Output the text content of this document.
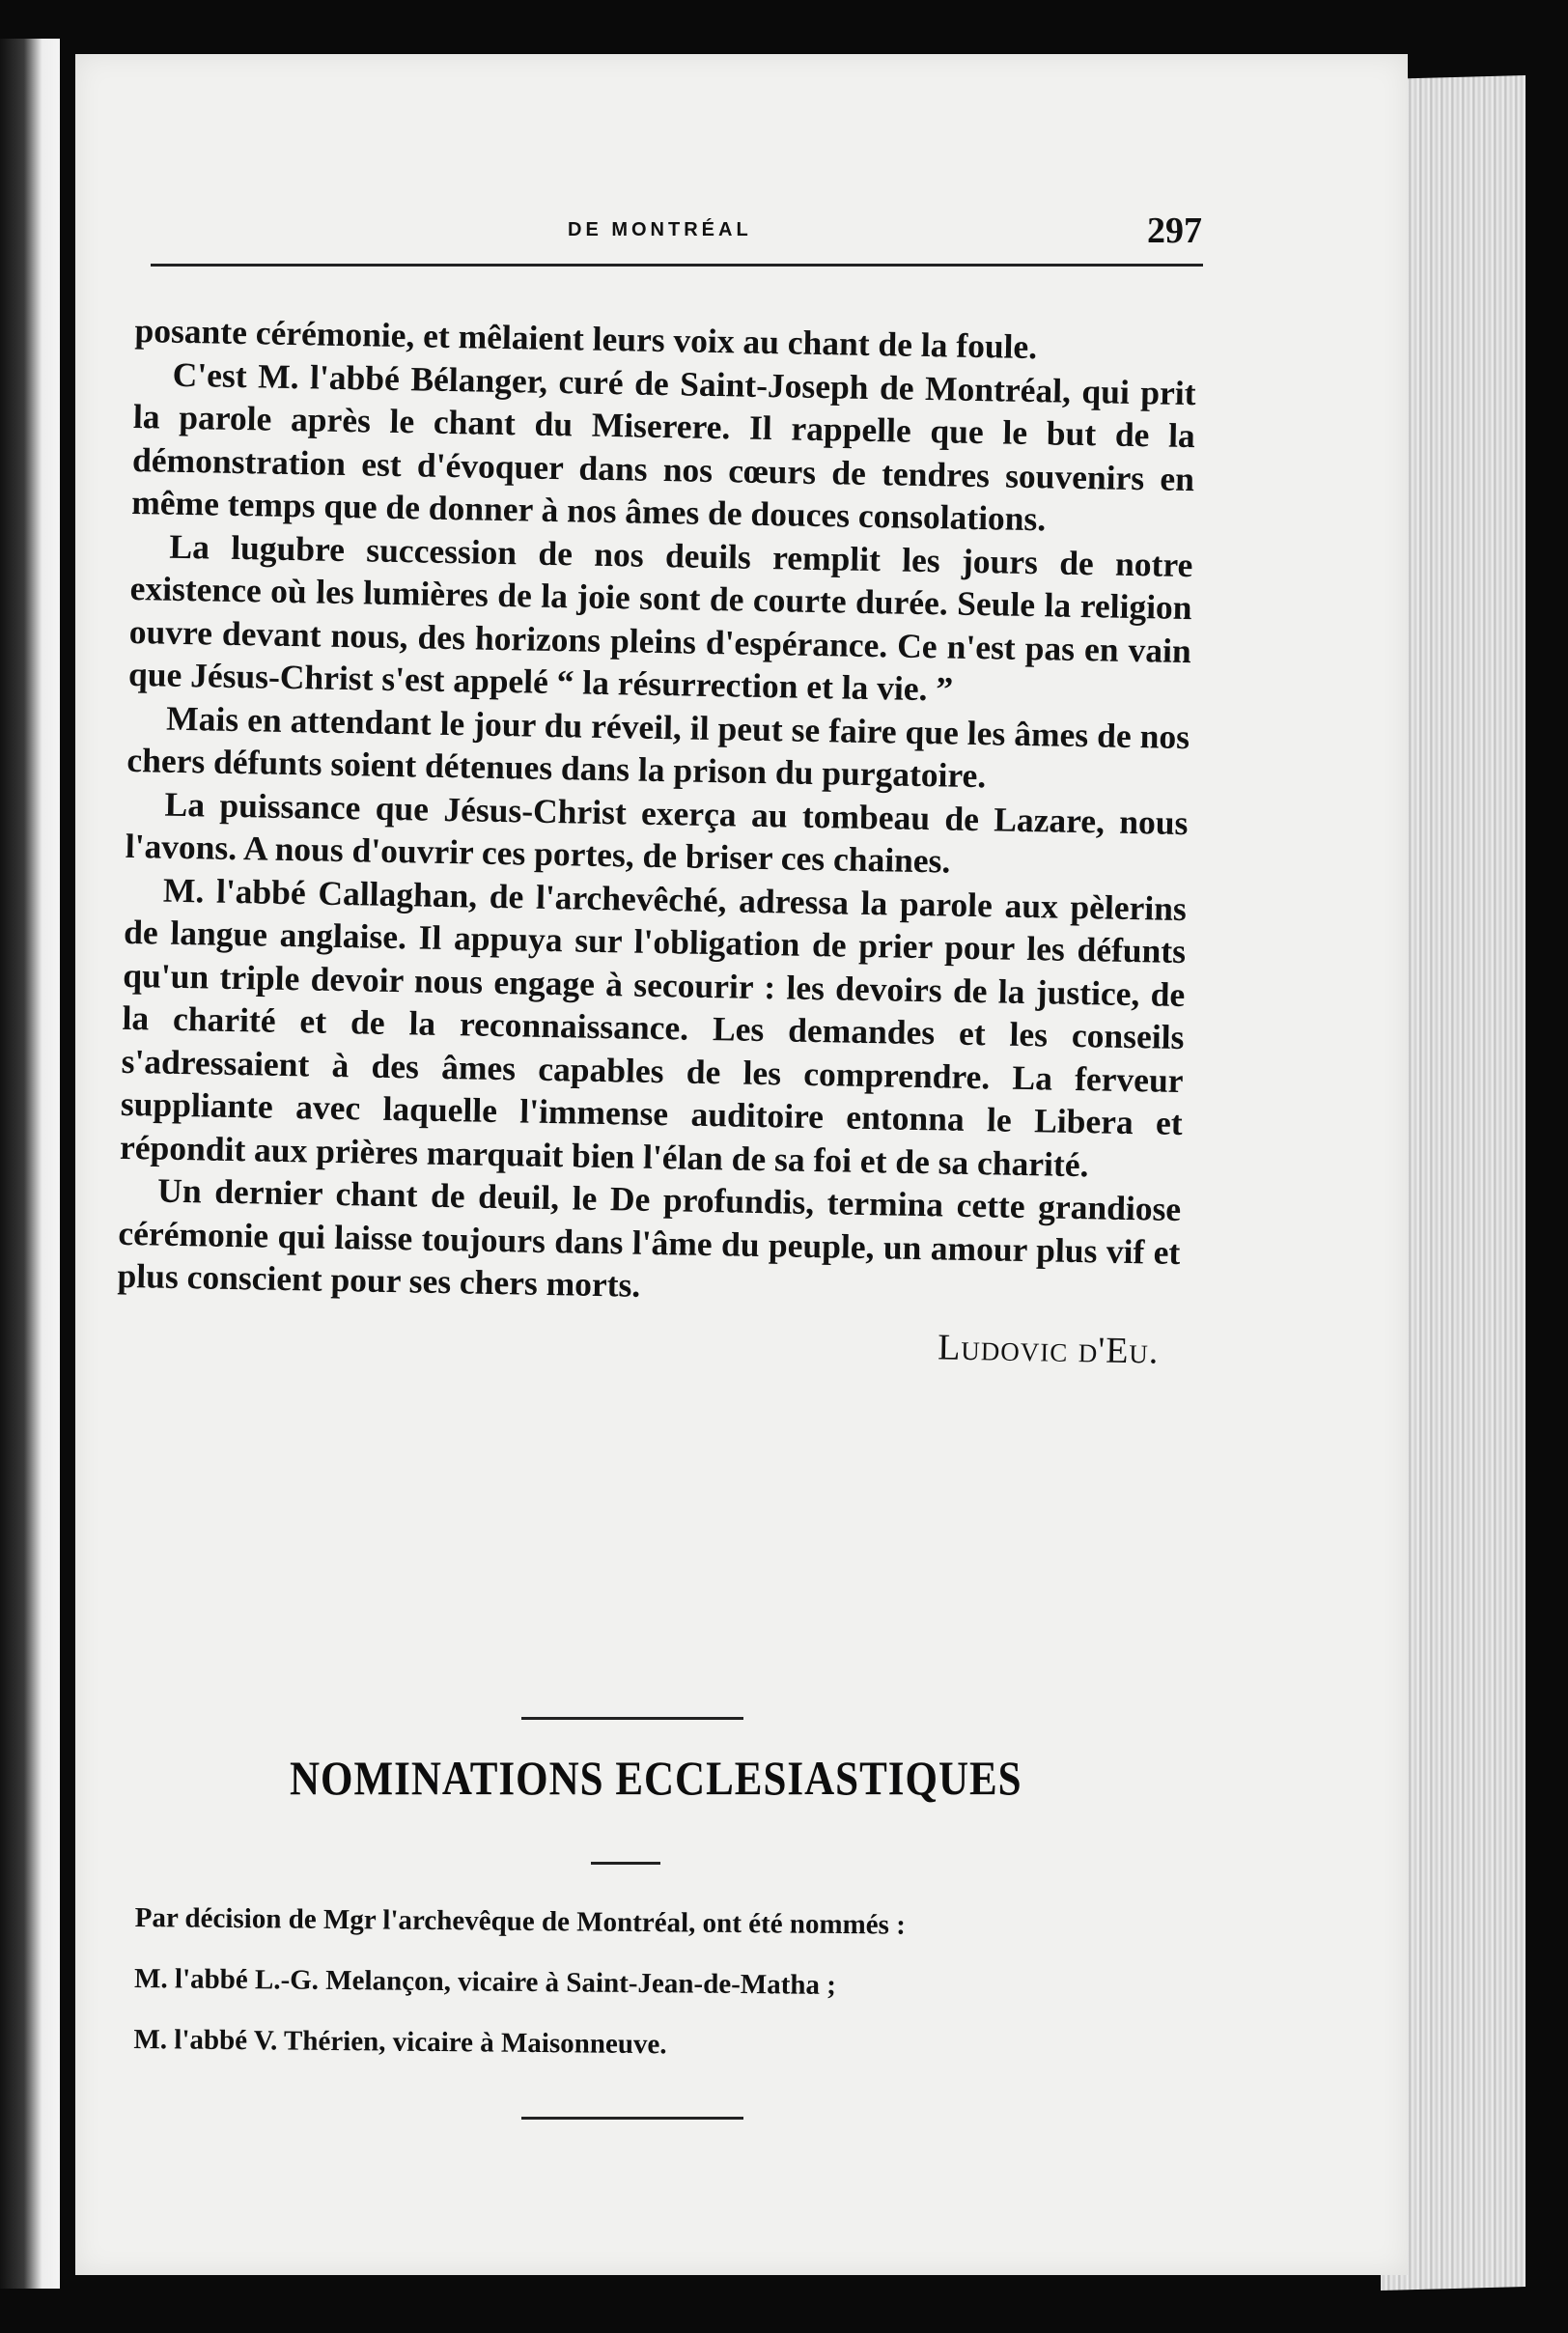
DE MONTRÉAL	297

posante cérémonie, et mêlaient leurs voix au chant de la foule.

C'est M. l'abbé Bélanger, curé de Saint-Joseph de Montréal, qui prit la parole après le chant du Miserere. Il rappelle que le but de la démonstration est d'évoquer dans nos cœurs de tendres souvenirs en même temps que de donner à nos âmes de douces consolations.

La lugubre succession de nos deuils remplit les jours de notre existence où les lumières de la joie sont de courte durée. Seule la religion ouvre devant nous, des horizons pleins d'espérance. Ce n'est pas en vain que Jésus-Christ s'est appelé “ la résurrection et la vie. ”

Mais en attendant le jour du réveil, il peut se faire que les âmes de nos chers défunts soient détenues dans la prison du purgatoire.

La puissance que Jésus-Christ exerça au tombeau de Lazare, nous l'avons. A nous d'ouvrir ces portes, de briser ces chaines.

M. l'abbé Callaghan, de l'archevêché, adressa la parole aux pèlerins de langue anglaise. Il appuya sur l'obligation de prier pour les défunts qu'un triple devoir nous engage à secourir : les devoirs de la justice, de la charité et de la reconnaissance. Les demandes et les conseils s'adressaient à des âmes capables de les comprendre. La ferveur suppliante avec laquelle l'immense auditoire entonna le Libera et répondit aux prières marquait bien l'élan de sa foi et de sa charité.

Un dernier chant de deuil, le De profundis, termina cette grandiose cérémonie qui laisse toujours dans l'âme du peuple, un amour plus vif et plus conscient pour ses chers morts.

Ludovic d'Eu.
NOMINATIONS ECCLESIASTIQUES

Par décision de Mgr l'archevêque de Montréal, ont été nommés :

M. l'abbé L.-G. Melançon, vicaire à Saint-Jean-de-Matha ;

M. l'abbé V. Thérien, vicaire à Maisonneuve.
